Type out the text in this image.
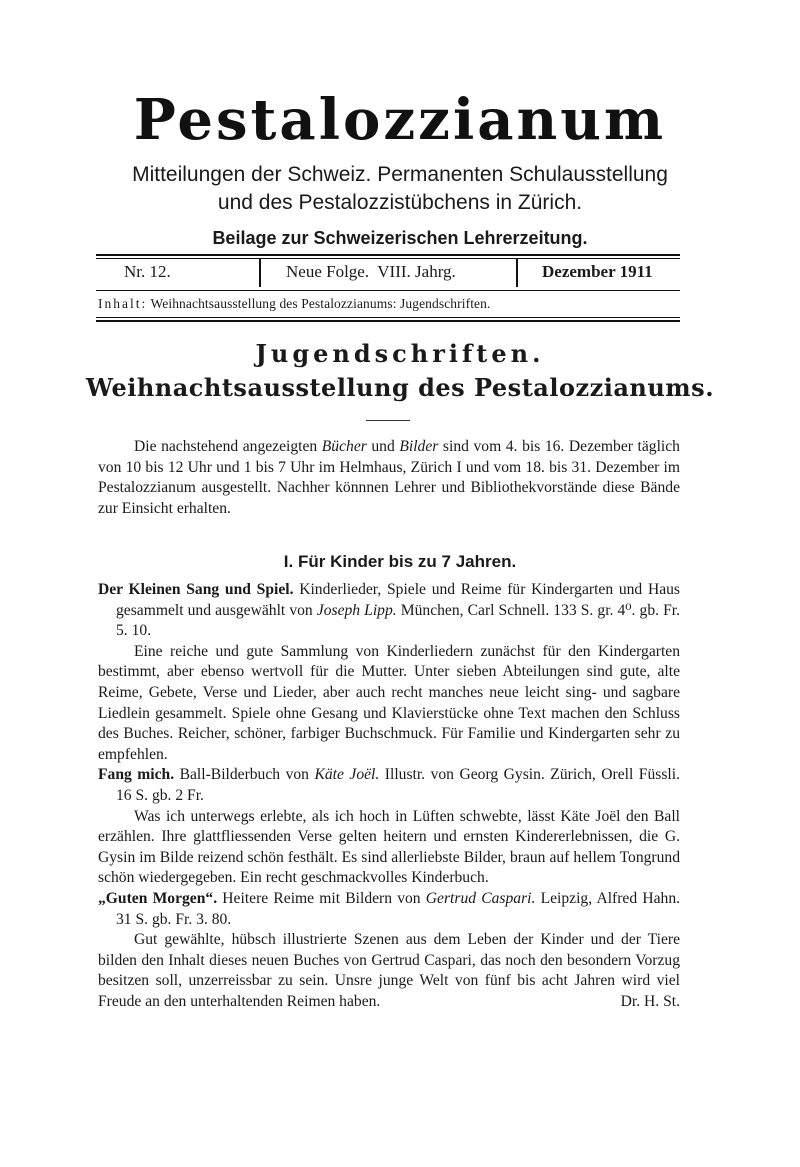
Pestalozzianum
Mitteilungen der Schweiz. Permanenten Schulausstellung
und des Pestalozzistübchens in Zürich.
Beilage zur Schweizerischen Lehrerzeitung.
Nr. 12.	Neue Folge.  VIII. Jahrg.	Dezember 1911
Inhalt: Weihnachtsausstellung des Pestalozzianums: Jugendschriften.
Jugendschriften.
Weihnachtsausstellung des Pestalozzianums.

Die nachstehend angezeigten Bücher und Bilder sind vom 4. bis 16. Dezember täglich von 10 bis 12 Uhr und 1 bis 7 Uhr im Helmhaus, Zürich I und vom 18. bis 31. Dezember im Pestalozzianum ausgestellt. Nachher könnnen Lehrer und Bibliothekvorstände diese Bände zur Einsicht erhalten.

I. Für Kinder bis zu 7 Jahren.

Der Kleinen Sang und Spiel. Kinderlieder, Spiele und Reime für Kindergarten und Haus gesammelt und ausgewählt von Joseph Lipp. München, Carl Schnell. 133 S. gr. 4⁰. gb. Fr. 5. 10.

Eine reiche und gute Sammlung von Kinderliedern zunächst für den Kindergarten bestimmt, aber ebenso wertvoll für die Mutter. Unter sieben Abteilungen sind gute, alte Reime, Gebete, Verse und Lieder, aber auch recht manches neue leicht sing- und sagbare Liedlein gesammelt. Spiele ohne Gesang und Klavierstücke ohne Text machen den Schluss des Buches. Reicher, schöner, farbiger Buchschmuck. Für Familie und Kindergarten sehr zu empfehlen.

Fang mich. Ball-Bilderbuch von Käte Joël. Illustr. von Georg Gysin. Zürich, Orell Füssli. 16 S. gb. 2 Fr.

Was ich unterwegs erlebte, als ich hoch in Lüften schwebte, lässt Käte Joël den Ball erzählen. Ihre glattfliessenden Verse gelten heitern und ernsten Kindererlebnissen, die G. Gysin im Bilde reizend schön festhält. Es sind allerliebste Bilder, braun auf hellem Tongrund schön wiedergegeben. Ein recht geschmackvolles Kinderbuch.

„Guten Morgen“. Heitere Reime mit Bildern von Gertrud Caspari. Leipzig, Alfred Hahn. 31 S. gb. Fr. 3. 80.

Gut gewählte, hübsch illustrierte Szenen aus dem Leben der Kinder und der Tiere bilden den Inhalt dieses neuen Buches von Gertrud Caspari, das noch den besondern Vorzug besitzen soll, unzerreissbar zu sein. Unsre junge Welt von fünf bis acht Jahren wird viel Freude an den unterhaltenden Reimen haben.	Dr. H. St.
